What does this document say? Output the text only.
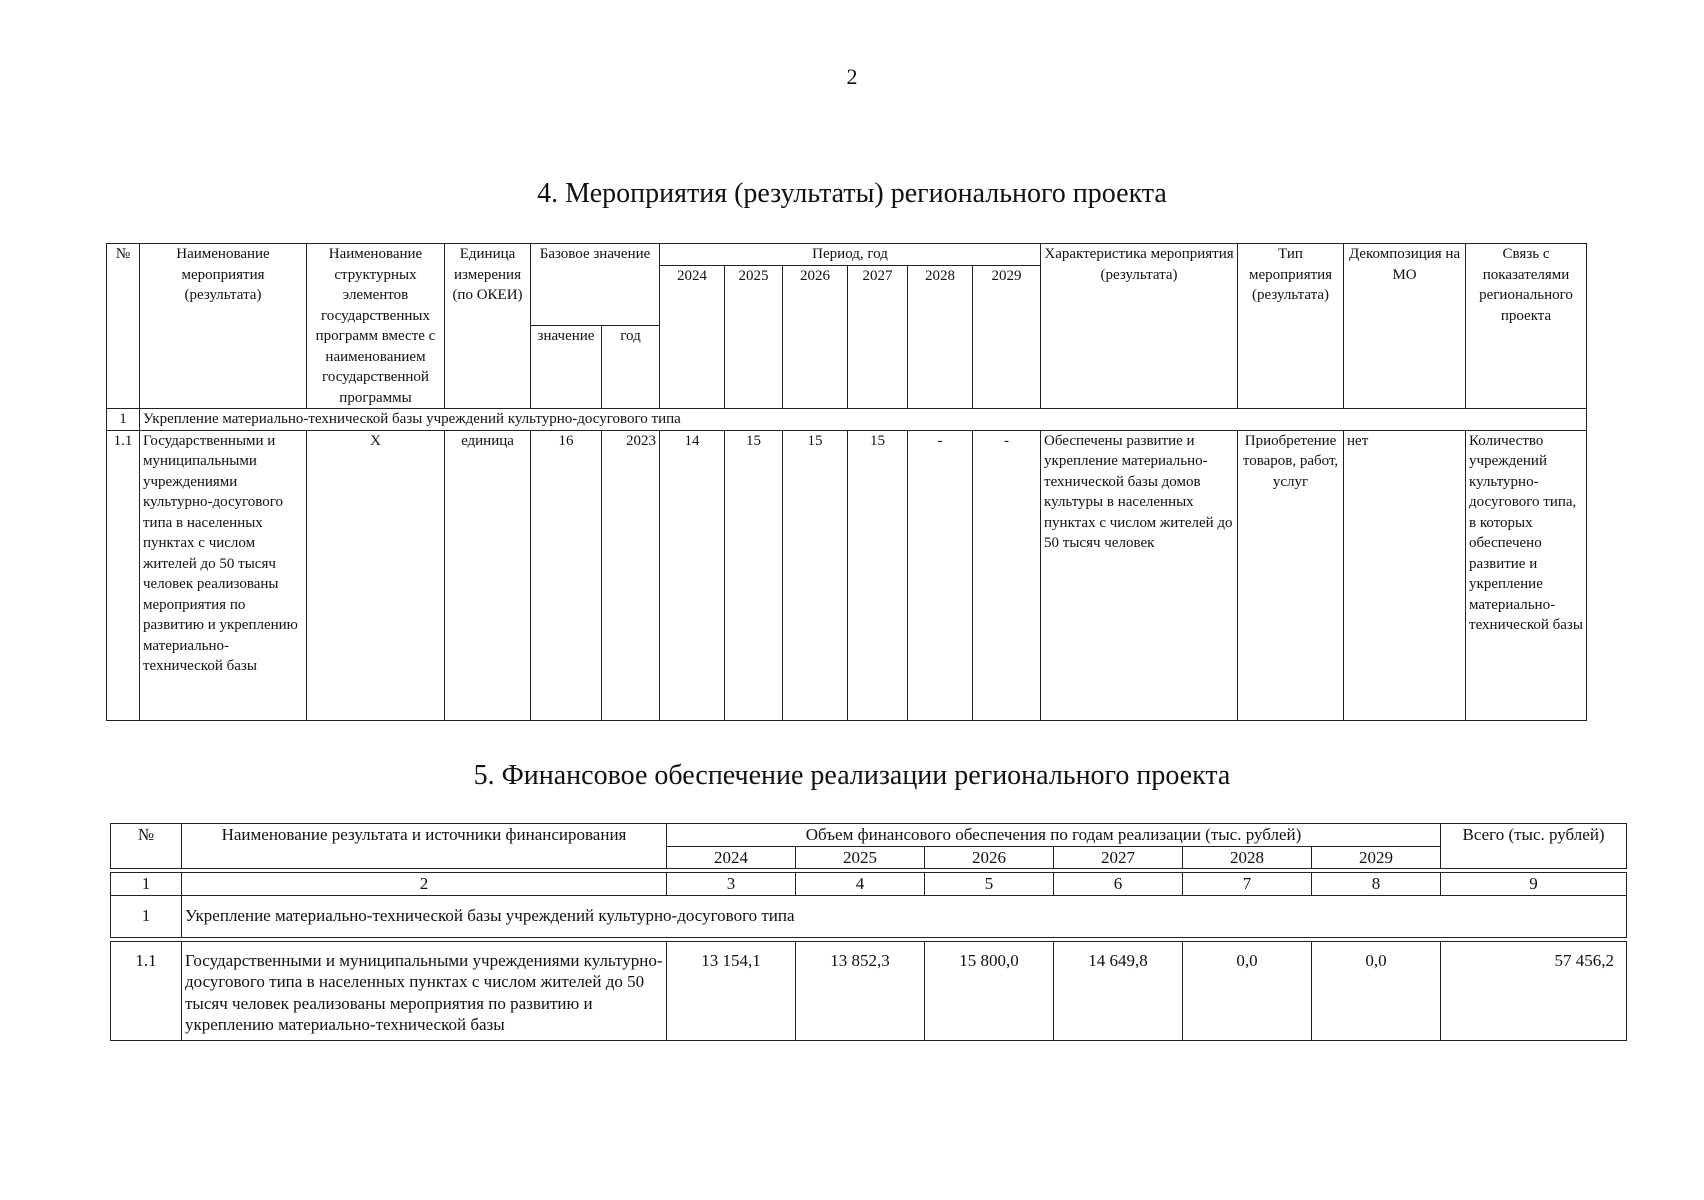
2
4. Мероприятия (результаты) регионального проекта
№	Наименование мероприятия (результата)	Наименование структурных элементов государственных программ вместе с наименованием государственной программы	Единица измерения (по ОКЕИ)	Базовое значение		Период, год						Характеристика мероприятия (результата)	Тип мероприятия (результата)	Декомпозиция на МО	Связь с показателями регионального проекта
						2024	2025	2026	2027	2028	2029				
				значение	год										
1	Укрепление материально-технической базы учреждений культурно-досугового типа														
1.1	Государственными и муниципальными учреждениями культурно-досугового типа в населенных пунктах с числом жителей до 50 тысяч человек реализованы мероприятия по развитию и укреплению материально-технической базы	X	единица	16	2023	14	15	15	15	-	-	Обеспечены развитие и укрепление материально-технической базы домов культуры в населенных пунктах с числом жителей до 50 тысяч человек	Приобретение товаров, работ, услуг	нет	Количество учреждений культурно-досугового типа, в которых обеспечено развитие и укрепление материально-технической базы
5. Финансовое обеспечение реализации регионального проекта
№	Наименование результата и источники финансирования	Объем финансового обеспечения по годам реализации (тыс. рублей)						Всего (тыс. рублей)
		2024	2025	2026	2027	2028	2029	

1	2	3	4	5	6	7	8	9
1	Укрепление материально-технической базы учреждений культурно-досугового типа							

1.1	Государственными и муниципальными учреждениями культурно-досугового типа в населенных пунктах с числом жителей до 50 тысяч человек реализованы мероприятия по развитию и укреплению материально-технической базы	13 154,1	13 852,3	15 800,0	14 649,8	0,0	0,0	57 456,2
